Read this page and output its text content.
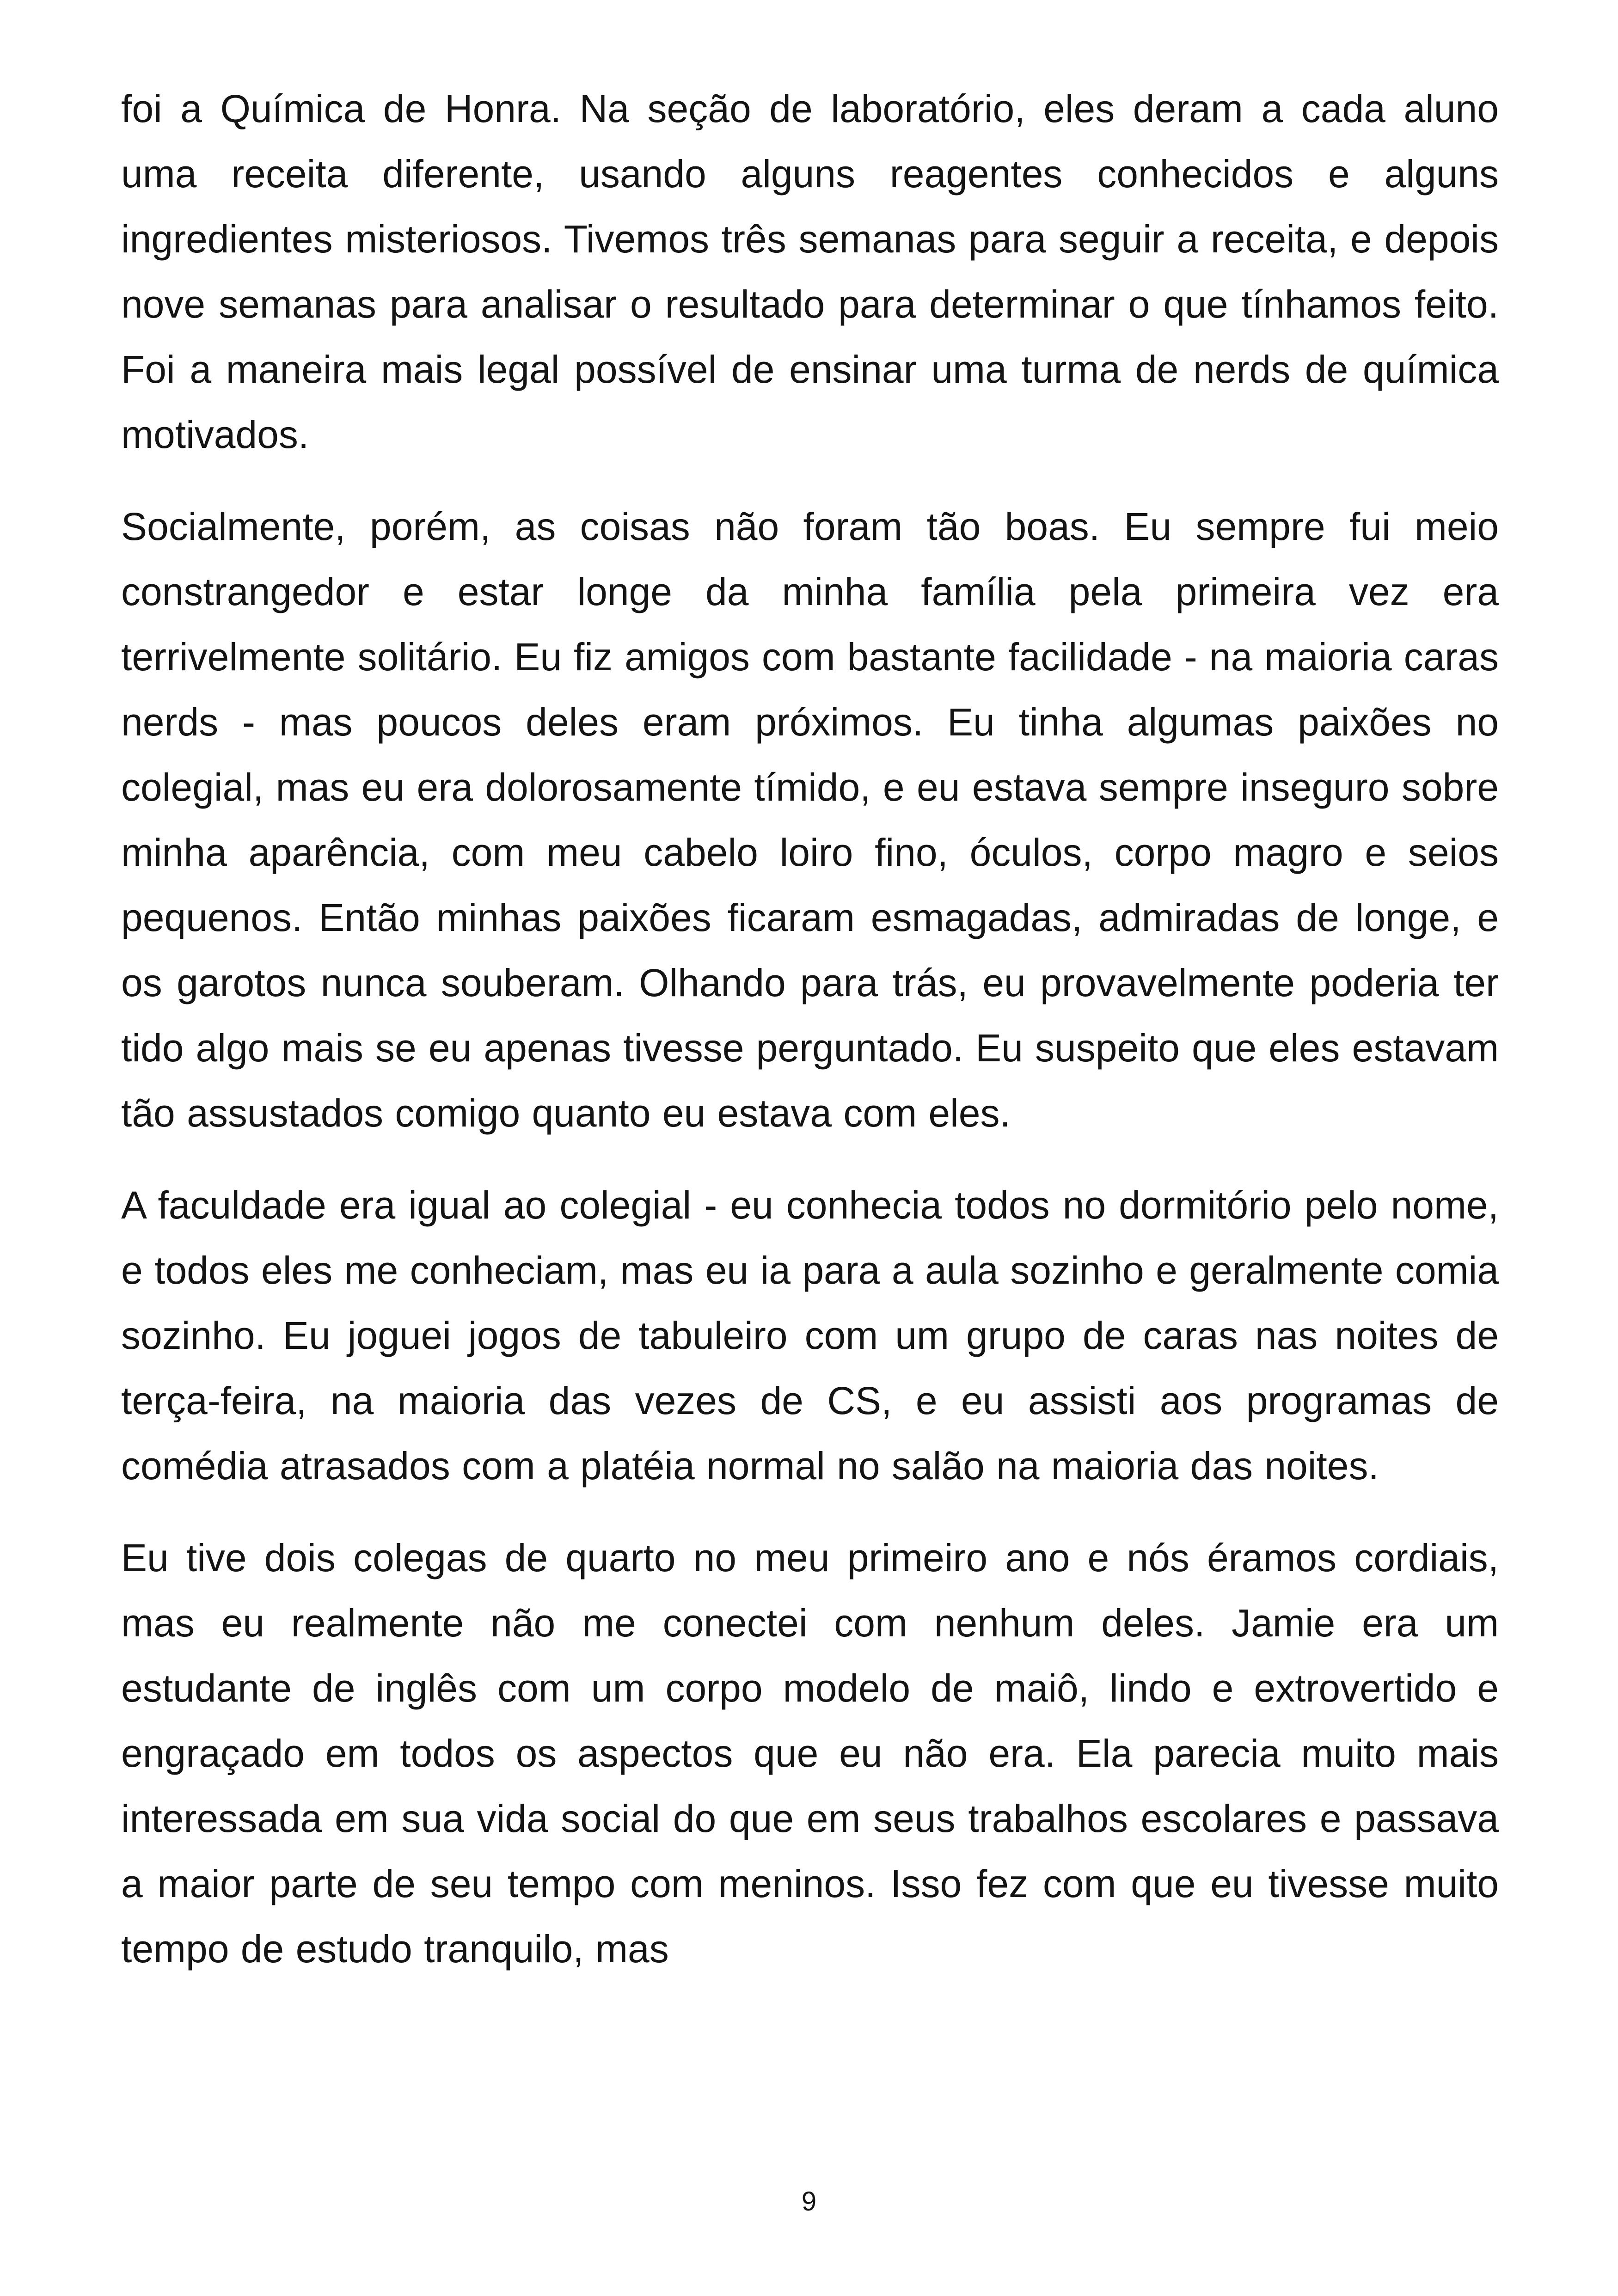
foi a Química de Honra. Na seção de laboratório, eles deram a cada aluno uma receita diferente, usando alguns reagentes conhecidos e alguns ingredientes misteriosos. Tivemos três semanas para seguir a receita, e depois nove semanas para analisar o resultado para determinar o que tínhamos feito. Foi a maneira mais legal possível de ensinar uma turma de nerds de química motivados.

Socialmente, porém, as coisas não foram tão boas. Eu sempre fui meio constrangedor e estar longe da minha família pela primeira vez era terrivelmente solitário. Eu fiz amigos com bastante facilidade - na maioria caras nerds - mas poucos deles eram próximos. Eu tinha algumas paixões no colegial, mas eu era dolorosamente tímido, e eu estava sempre inseguro sobre minha aparência, com meu cabelo loiro fino, óculos, corpo magro e seios pequenos. Então minhas paixões ficaram esmagadas, admiradas de longe, e os garotos nunca souberam. Olhando para trás, eu provavelmente poderia ter tido algo mais se eu apenas tivesse perguntado. Eu suspeito que eles estavam tão assustados comigo quanto eu estava com eles.

A faculdade era igual ao colegial - eu conhecia todos no dormitório pelo nome, e todos eles me conheciam, mas eu ia para a aula sozinho e geralmente comia sozinho. Eu joguei jogos de tabuleiro com um grupo de caras nas noites de terça-feira, na maioria das vezes de CS, e eu assisti aos programas de comédia atrasados com a platéia normal no salão na maioria das noites.

Eu tive dois colegas de quarto no meu primeiro ano e nós éramos cordiais, mas eu realmente não me conectei com nenhum deles. Jamie era um estudante de inglês com um corpo modelo de maiô, lindo e extrovertido e engraçado em todos os aspectos que eu não era. Ela parecia muito mais interessada em sua vida social do que em seus trabalhos escolares e passava a maior parte de seu tempo com meninos. Isso fez com que eu tivesse muito tempo de estudo tranquilo, mas

9
